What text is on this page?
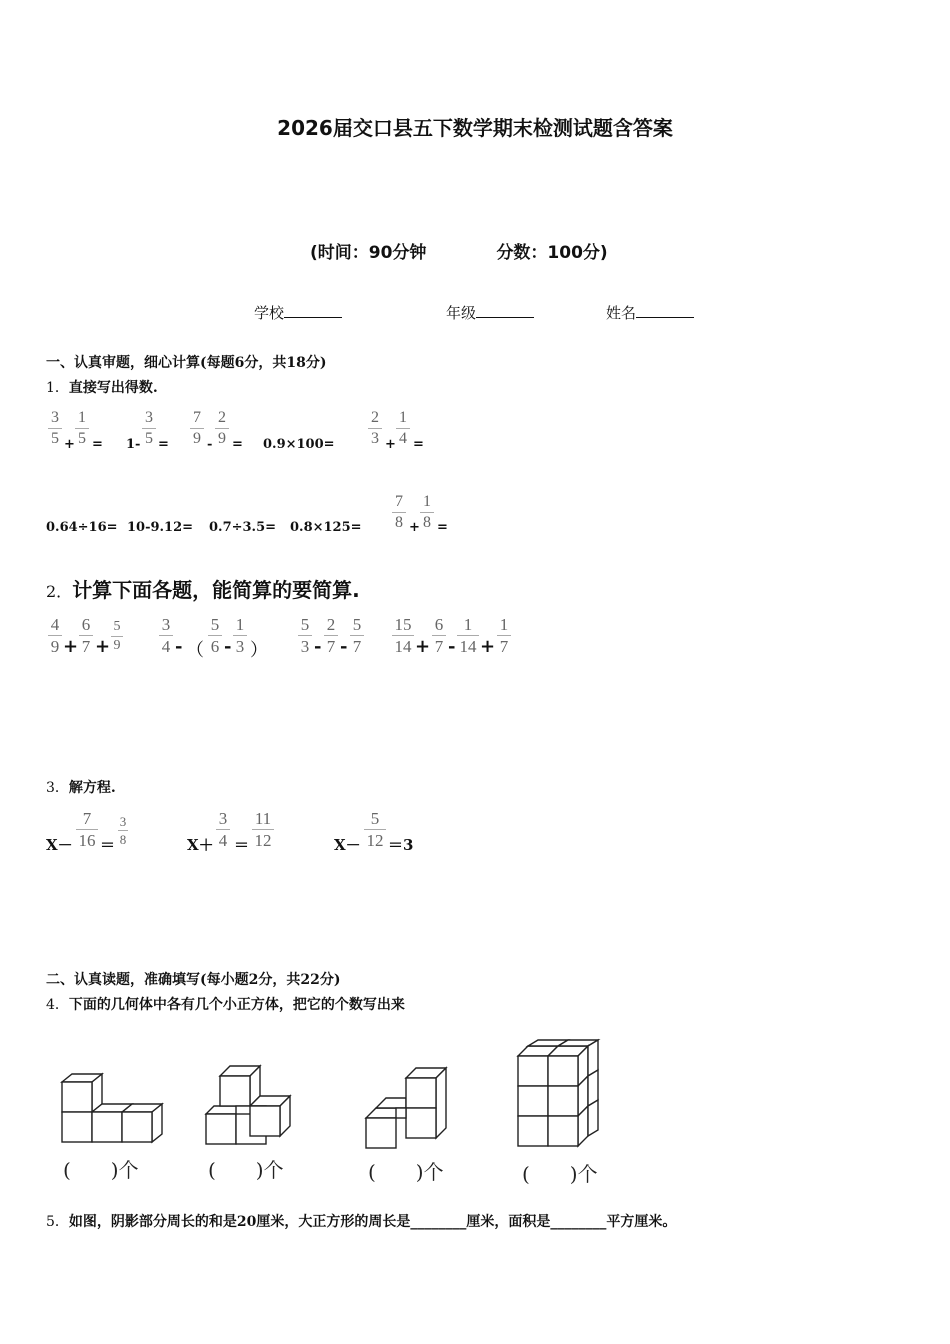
2026届交口县五下数学期末检测试题含答案
(时间：90分钟	分数：100分)
学校	年级	姓名
一、认真审题，细心计算(每题6分，共18分)
1．直接写出得数.
3
5 +
1
5 = 1-
3
5 =
7
9 -
2
9 = 0.9×100=
2
3 +
1
4 =
0.64÷16= 10-9.12= 0.7÷3.5= 0.8×125=
7
8 +
1
8 =
2．计算下面各题，能简算的要简算.
4
9 +
6
7 +
5
9
3
4 - （
5
6 -
1
3 ）
5
3 -
2
7 -
5
7
15
14 +
6
7 -
1
14 +
1
7
3．解方程.
X－
7
16 ＝
3
8	X＋
3
4 ＝
11
12	X－
5
12 ＝3
二、认真读题，准确填写(每小题2分，共22分)
4．下面的几何体中各有几个小正方体，把它的个数写出来
(　　)个	(　　)个	(　　)个	(　　)个
5．如图，阴影部分周长的和是20厘米，大正方形的周长是________厘米，面积是________平方厘米。
